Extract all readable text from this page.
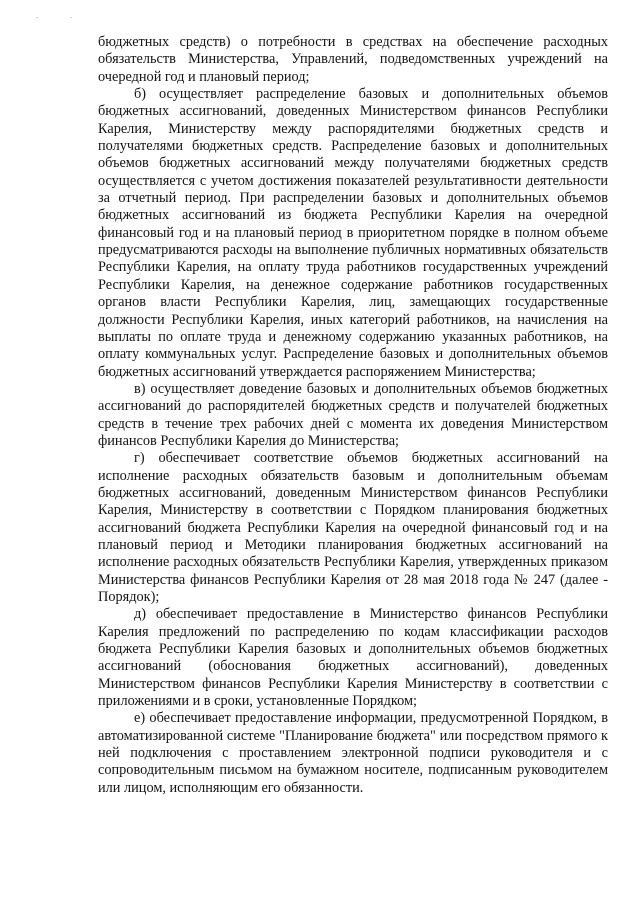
бюджетных средств) о потребности в средствах на обеспечение расходных обязательств Министерства, Управлений, подведомственных учреждений на очередной год и плановый период;

б) осуществляет распределение базовых и дополнительных объемов бюджетных ассигнований, доведенных Министерством финансов Республики Карелия, Министерству между распорядителями бюджетных средств и получателями бюджетных средств. Распределение базовых и дополнительных объемов бюджетных ассигнований между получателями бюджетных средств осуществляется с учетом достижения показателей результативности деятельности за отчетный период. При распределении базовых и дополнительных объемов бюджетных ассигнований из бюджета Республики Карелия на очередной финансовый год и на плановый период в приоритетном порядке в полном объеме предусматриваются расходы на выполнение публичных нормативных обязательств Республики Карелия, на оплату труда работников государственных учреждений Республики Карелия, на денежное содержание работников государственных органов власти Республики Карелия, лиц, замещающих государственные должности Республики Карелия, иных категорий работников, на начисления на выплаты по оплате труда и денежному содержанию указанных работников, на оплату коммунальных услуг. Распределение базовых и дополнительных объемов бюджетных ассигнований утверждается распоряжением Министерства;

в) осуществляет доведение базовых и дополнительных объемов бюджетных ассигнований до распорядителей бюджетных средств и получателей бюджетных средств в течение трех рабочих дней с момента их доведения Министерством финансов Республики Карелия до Министерства;

г) обеспечивает соответствие объемов бюджетных ассигнований на исполнение расходных обязательств базовым и дополнительным объемам бюджетных ассигнований, доведенным Министерством финансов Республики Карелия, Министерству в соответствии с Порядком планирования бюджетных ассигнований бюджета Республики Карелия на очередной финансовый год и на плановый период и Методики планирования бюджетных ассигнований на исполнение расходных обязательств Республики Карелия, утвержденных приказом Министерства финансов Республики Карелия от 28 мая 2018 года № 247 (далее - Порядок);

д) обеспечивает предоставление в Министерство финансов Республики Карелия предложений по распределению по кодам классификации расходов бюджета Республики Карелия базовых и дополнительных объемов бюджетных ассигнований (обоснования бюджетных ассигнований), доведенных Министерством финансов Республики Карелия Министерству в соответствии с приложениями и в сроки, установленные Порядком;

е) обеспечивает предоставление информации, предусмотренной Порядком, в автоматизированной системе "Планирование бюджета" или посредством прямого к ней подключения с проставлением электронной подписи руководителя и с сопроводительным письмом на бумажном носителе, подписанным руководителем или лицом, исполняющим его обязанности.

·	·
